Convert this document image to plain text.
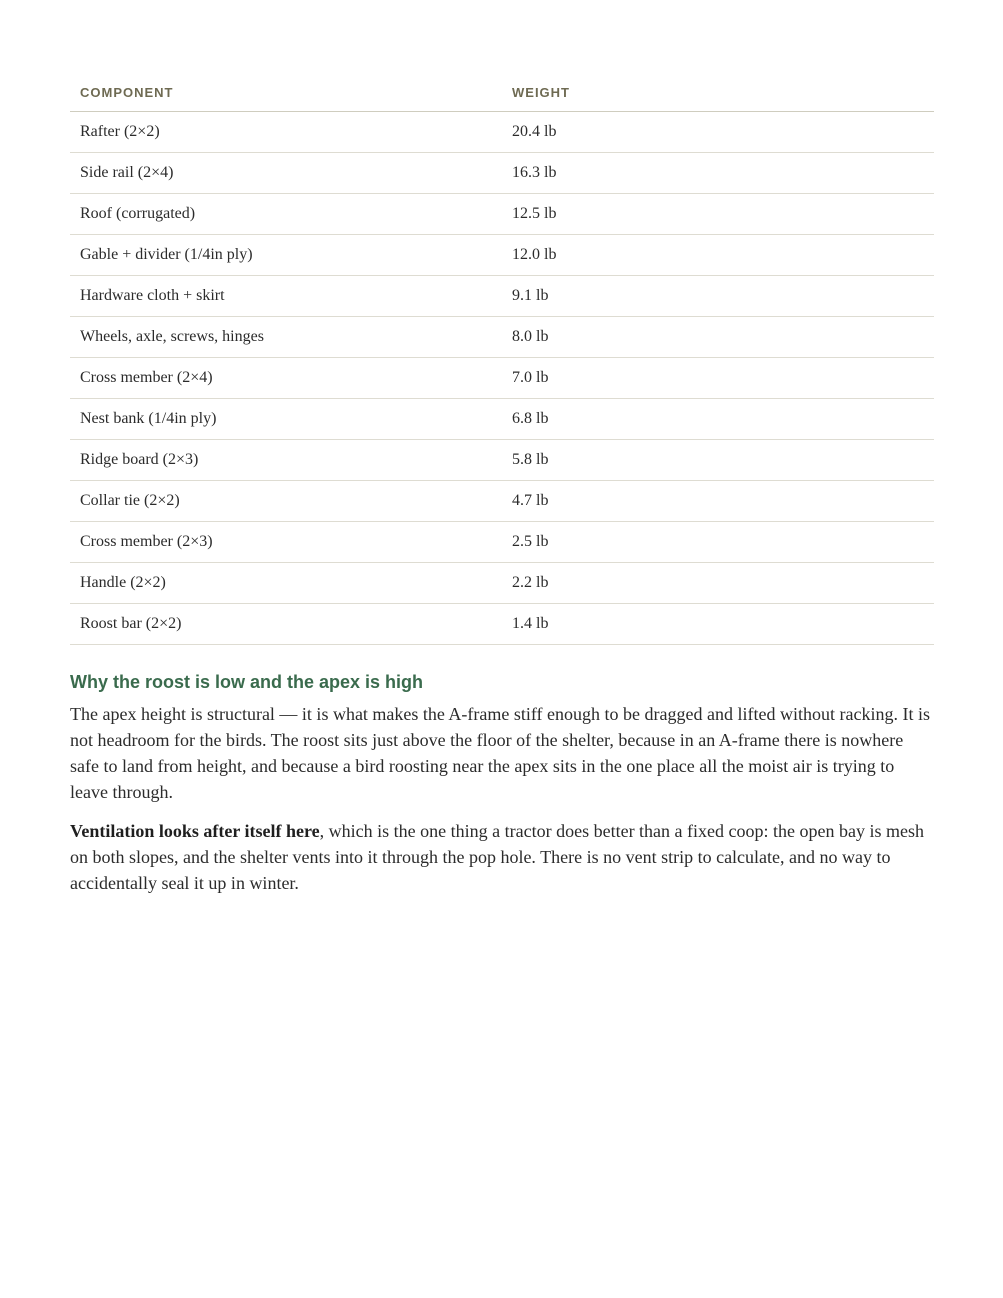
COMPONENT	WEIGHT
Rafter (2×2)	20.4 lb
Side rail (2×4)	16.3 lb
Roof (corrugated)	12.5 lb
Gable + divider (1/4in ply)	12.0 lb
Hardware cloth + skirt	9.1 lb
Wheels, axle, screws, hinges	8.0 lb
Cross member (2×4)	7.0 lb
Nest bank (1/4in ply)	6.8 lb
Ridge board (2×3)	5.8 lb
Collar tie (2×2)	4.7 lb
Cross member (2×3)	2.5 lb
Handle (2×2)	2.2 lb
Roost bar (2×2)	1.4 lb
Why the roost is low and the apex is high

The apex height is structural — it is what makes the A-frame stiff enough to be dragged and lifted without racking. It is not headroom for the birds. The roost sits just above the floor of the shelter, because in an A-frame there is nowhere safe to land from height, and because a bird roosting near the apex sits in the one place all the moist air is trying to leave through.

Ventilation looks after itself here, which is the one thing a tractor does better than a fixed coop: the open bay is mesh on both slopes, and the shelter vents into it through the pop hole. There is no vent strip to calculate, and no way to accidentally seal it up in winter.
